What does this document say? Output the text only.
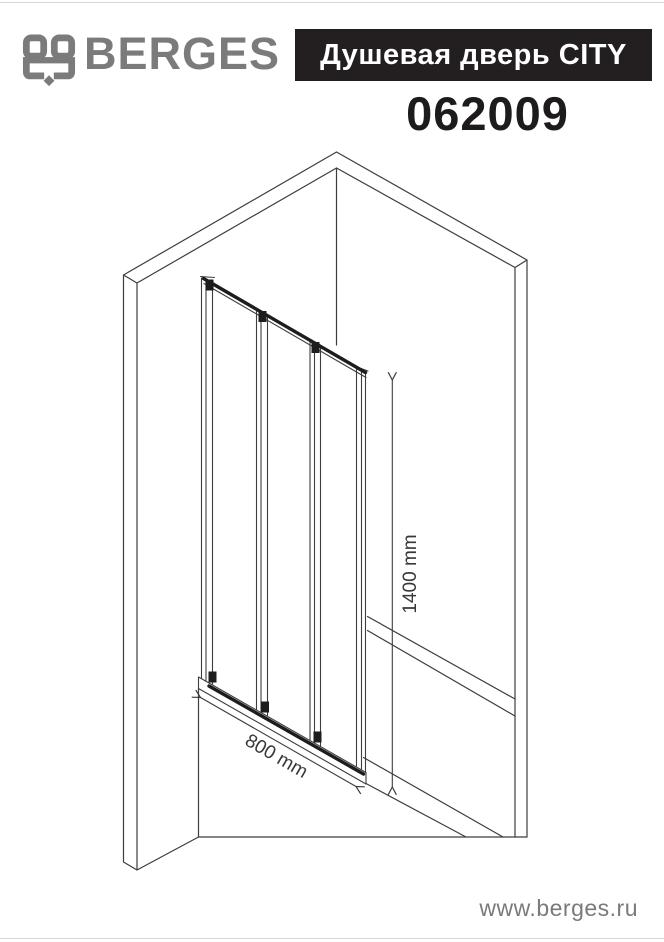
BERGES Душевая дверь CITY
062009
1400 mm
800 mm
www.berges.ru
